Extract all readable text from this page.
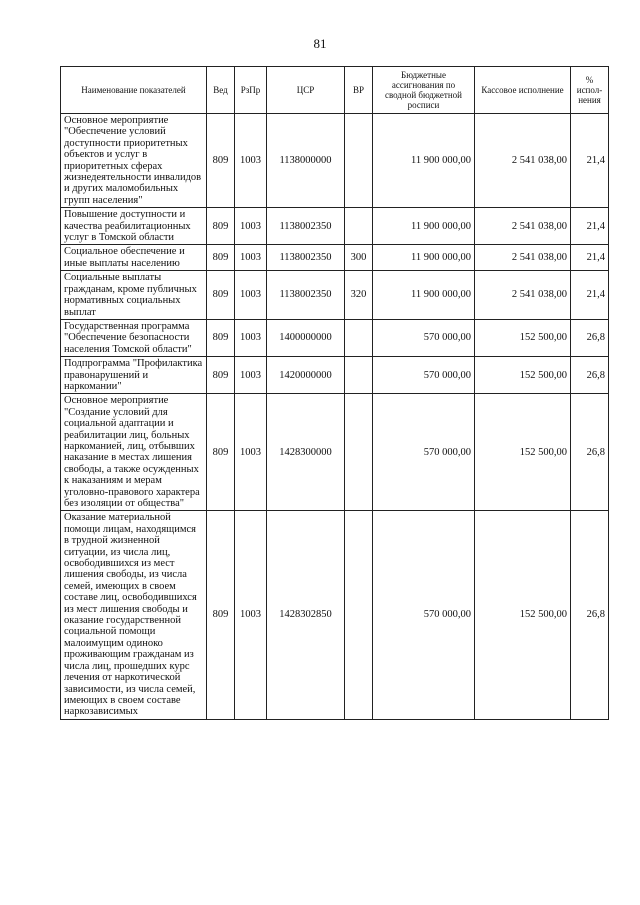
81
Наименование показателей	Вед	РзПр	ЦСР	ВР	Бюджетные ассигнования по сводной бюджетной росписи	Кассовое исполнение	% испол-нения
Основное мероприятие "Обеспечение условий доступности приоритетных объектов и услуг в приоритетных сферах жизнедеятельности инвалидов и других маломобильных групп населения"	809	1003	1138000000		11 900 000,00	2 541 038,00	21,4
Повышение доступности и качества реабилитационных услуг в Томской области	809	1003	1138002350		11 900 000,00	2 541 038,00	21,4
Социальное обеспечение и иные выплаты населению	809	1003	1138002350	300	11 900 000,00	2 541 038,00	21,4
Социальные выплаты гражданам, кроме публичных нормативных социальных выплат	809	1003	1138002350	320	11 900 000,00	2 541 038,00	21,4
Государственная программа "Обеспечение безопасности населения Томской области"	809	1003	1400000000		570 000,00	152 500,00	26,8
Подпрограмма "Профилактика правонарушений и наркомании"	809	1003	1420000000		570 000,00	152 500,00	26,8
Основное мероприятие "Создание условий для социальной адаптации и реабилитации лиц, больных наркоманией, лиц, отбывших наказание в местах лишения свободы, а также осужденных к наказаниям и мерам уголовно-правового характера без изоляции от общества"	809	1003	1428300000		570 000,00	152 500,00	26,8
Оказание материальной помощи лицам, находящимся в трудной жизненной ситуации, из числа лиц, освободившихся из мест лишения свободы, из числа семей, имеющих в своем составе лиц, освободившихся из мест лишения свободы и оказание государственной социальной помощи малоимущим одиноко проживающим гражданам из числа лиц, прошедших курс лечения от наркотической зависимости, из числа семей, имеющих в своем составе наркозависимых	809	1003	1428302850		570 000,00	152 500,00	26,8
